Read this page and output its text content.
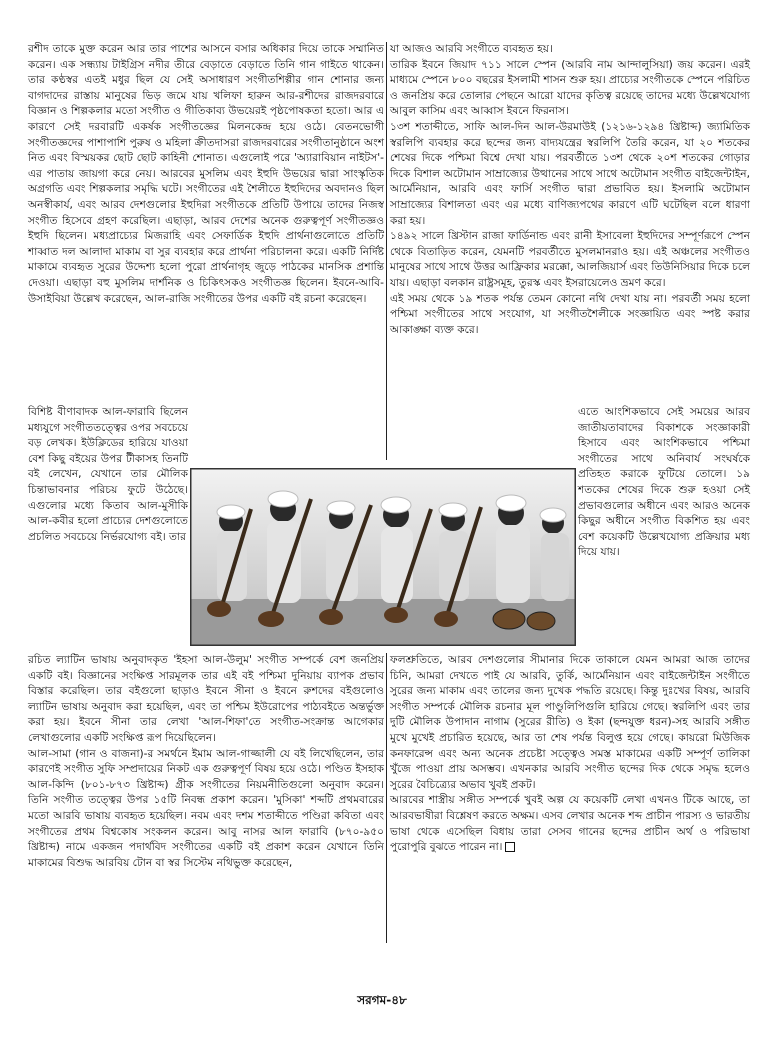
রশীদ তাকে মুক্ত করেন আর তার পাশের আসনে বসার অধিকার দিয়ে তাকে সম্মানিত করেন। এক সন্ধ্যায় টাইগ্রিস নদীর তীরে বেড়াতে বেড়াতে তিনি গান গাইতে থাকেন। তার কণ্ঠস্বর এতই মধুর ছিল যে সেই অসাধারণ সংগীতশিল্পীর গান শোনার জন্য বাগদাদের রাস্তায় মানুষের ভিড় জমে যায় খলিফা হারুন আর-রশীদের রাজদরবারে বিজ্ঞান ও শিল্পকলার মতো সংগীত ও গীতিকাব্য উভয়েরই পৃষ্ঠপোষকতা হতো। আর এ কারণে সেই দরবারটি একর্ষক সংগীতজ্ঞের মিলনকেন্দ্র হয়ে ওঠে। বেতনভোগী সংগীতজ্ঞদের পাশাপাশি পুরুষ ও মহিলা ক্রীতদাসরা রাজদরবারের সংগীতানুষ্ঠানে অংশ নিত এবং বিস্ময়কর ছোট ছোট কাহিনী শোনাত। এগুলোই পরে 'অ্যারাবিয়ান নাইটস'-এর পাতায় জায়গা করে নেয়। আরবের মুসলিম এবং ইহুদি উভয়ের দ্বারা সাংস্কৃতিক অগ্রগতি এবং শিল্পকলার সমৃদ্ধি ঘটে। সংগীতের এই শৈলীতে ইহুদিদের অবদানও ছিল অনস্বীকার্য, এবং আরব দেশগুলোর ইহুদিরা সংগীতকে প্রতিটি উপায়ে তাদের নিজস্ব সংগীত হিসেবে গ্রহণ করেছিল। এছাড়া, আরব দেশের অনেক গুরুত্বপূর্ণ সংগীতজ্ঞও ইহুদি ছিলেন। মধ্যপ্রাচ্যের মিজরাহি এবং সেফার্ডিক ইহুদি প্রার্থনাগুলোতে প্রতিটি শাব্বাত দল আলাদা মাকাম বা সুর ব্যবহার করে প্রার্থনা পরিচালনা করে। একটি নির্দিষ্ট মাকামে ব্যবহৃত সুরের উদ্দেশ্য হলো পুরো প্রার্থনাগৃহ জুড়ে পাঠকের মানসিক প্রশান্তি দেওয়া। এছাড়া বহু মুসলিম দার্শনিক ও চিকিৎসকও সংগীতজ্ঞ ছিলেন। ইবনে-আবি-উসাইবিয়া উল্লেখ করেছেন, আল-রাজি সংগীতের উপর একটি বই রচনা করেছেন।

যা আজও আরবি সংগীতে ব্যবহৃত হয়।

তারিক ইবনে জিয়াদ ৭১১ সালে স্পেন (আরবি নাম আন্দালুসিয়া) জয় করেন। এরই মাধ্যমে স্পেনে ৮০০ বছরের ইসলামী শাসন শুরু হয়। প্রাচ্যের সংগীতকে স্পেনে পরিচিত ও জনপ্রিয় করে তোলার পেছনে আরো যাদের কৃতিত্ব রয়েছে তাদের মধ্যে উল্লেখযোগ্য আবুল কাসিম এবং আব্বাস ইবনে ফিরনাস।

১৩শ শতাব্দীতে, সাফি আল-দিন আল-উরমাউই (১২১৬-১২৯৪ খ্রিষ্টাব্দ) জ্যামিতিক স্বরলিপি ব্যবহার করে ছন্দের জন্য বাদ্যযন্ত্রের স্বরলিপি তৈরি করেন, যা ২০ শতকের শেষের দিকে পশ্চিমা বিশ্বে দেখা যায়। পরবর্তীতে ১৩শ থেকে ২০শ শতকের গোড়ার দিকে বিশাল অটোমান সাম্রাজ্যের উত্থানের সাথে সাথে অটোমান সংগীত বাইজেন্টাইন, আর্মেনিয়ান, আরবি এবং ফার্সি সংগীত দ্বারা প্রভাবিত হয়। ইসলামি অটোমান সাম্রাজ্যের বিশালতা এবং এর মধ্যে বাণিজ্যপথের কারণে এটি ঘটেছিল বলে ধারণা করা হয়।

১৪৯২ সালে খ্রিস্টান রাজা ফার্ডিনান্ড এবং রানী ইসাবেলা ইহুদিদের সম্পূর্ণরূপে স্পেন থেকে বিতাড়িত করেন, যেমনটি পরবর্তীতে মুসলমানরাও হয়। এই অঞ্চলের সংগীতও মানুষের সাথে সাথে উত্তর আফ্রিকার মরক্কো, আলজিয়ার্স এবং তিউনিসিয়ার দিকে চলে যায়। এছাড়া বলকান রাষ্ট্রসমূহ, তুরস্ক এবং ইসরায়েলেও ভ্রমণ করে।

এই সময় থেকে ১৯ শতক পর্যন্ত তেমন কোনো নথি দেখা যায় না। পরবর্তী সময় হলো পশ্চিমা সংগীতের সাথে সংযোগ, যা সংগীতশৈলীকে সংজ্ঞায়িত এবং স্পষ্ট করার আকাঙ্ক্ষা ব্যক্ত করে।

বিশিষ্ট বীণাবাদক আল-ফারাবি ছিলেন মধ্যযুগে সংগীততত্ত্বের ওপর সবচেয়ে বড় লেখক। ইউক্লিডের হারিয়ে যাওয়া বেশ কিছু বইয়ের উপর টীকাসহ তিনটি বই লেখেন, যেখানে তার মৌলিক চিন্তাভাবনার পরিচয় ফুটে উঠেছে। এগুলোর মধ্যে কিতাব আল-মুসীকি আল-কবীর হলো প্রাচ্যের দেশগুলোতে প্রচলিত সবচেয়ে নির্ভরযোগ্য বই। তার

এতে আংশিকভাবে সেই সময়ের আরব জাতীয়তাবাদের বিকাশকে সংজ্ঞাকারী হিসাবে এবং আংশিকভাবে পশ্চিমা সংগীতের সাথে অনিবার্য সংঘর্ষকে প্রতিহত করাকে ফুটিয়ে তোলে। ১৯ শতকের শেষের দিকে শুরু হওয়া সেই প্রভাবগুলোর অধীনে এবং আরও অনেক কিছুর অধীনে সংগীত বিকশিত হয় এবং বেশ কয়েকটি উল্লেখযোগ্য প্রক্রিয়ার মধ্য দিয়ে যায়।

রচিত ল্যাটিন ভাষায় অনুবাদকৃত 'ইহসা আল-উলুম' সংগীত সম্পর্কে বেশ জনপ্রিয় একটি বই। বিজ্ঞানের সংক্ষিপ্ত সারমূলক তার এই বই পশ্চিমা দুনিয়ায় ব্যাপক প্রভাব বিস্তার করেছিল। তার বইগুলো ছাড়াও ইবনে সীনা ও ইবনে রুশদের বইগুলোও ল্যাটিন ভাষায় অনুবাদ করা হয়েছিল, এবং তা পশ্চিম ইউরোপের পাঠ্যবইতে অন্তর্ভুক্ত করা হয়। ইবনে সীনা তার লেখা 'আল-শিফা'তে সংগীত-সংক্রান্ত আগেকার লেখাগুলোর একটি সংক্ষিপ্ত রূপ দিয়েছিলেন।

আল-সামা (গান ও বাজনা)-র সমর্থনে ইমাম আল-গাজ্জালী যে বই লিখেছিলেন, তার কারণেই সংগীত সুফি সম্প্রদায়ের নিকট এক গুরুত্বপূর্ণ বিষয় হয়ে ওঠে। পণ্ডিত ইসহাক আল-কিন্দি (৮০১-৮৭৩ খ্রিষ্টাব্দ) গ্রীক সংগীতের নিয়মনীতিগুলো অনুবাদ করেন। তিনি সংগীত তত্ত্বের উপর ১৫টি নিবন্ধ প্রকাশ করেন। 'মুসিকা' শব্দটি প্রথমবারের মতো আরবি ভাষায় ব্যবহৃত হয়েছিল। নবম এবং দশম শতাব্দীতে পণ্ডিরা কবিতা এবং সংগীতের প্রথম বিশ্বকোষ সংকলন করেন। আবু নাসর আল ফারাবি (৮৭০-৯৫০ খ্রিষ্টাব্দ) নামে একজন পদার্থবিদ সংগীতের একটি বই প্রকাশ করেন যেখানে তিনি মাকামের বিশুদ্ধ আরবিয় টোন বা স্বর সিস্টেম নথিভুক্ত করেছেন,

ফলশ্রুতিতে, আরব দেশগুলোর সীমানার দিকে তাকালে যেমন আমরা আজ তাদের চিনি, আমরা দেখতে পাই যে আরবি, তুর্কি, আর্মেনিয়ান এবং বাইজেন্টাইন সংগীতে সুরের জন্য মাকাম এবং তালের জন্য দুখেক পদ্ধতি রয়েছে। কিন্তু দুঃখের বিষয়, আরবি সংগীত সম্পর্কে মৌলিক রচনার মূল পাণ্ডুলিপিগুলি হারিয়ে গেছে। স্বরলিপি এবং তার দুটি মৌলিক উপাদান নাগাম (সুরের রীতি) ও ইকা (ছন্দযুক্ত ধরন)-সহ আরবি সঙ্গীত মুখে মুখেই প্রচারিত হয়েছে, আর তা শেষ পর্যন্ত বিলুপ্ত হয়ে গেছে। কায়রো মিউজিক কনফারেন্স এবং অন্য অনেক প্রচেষ্টা সত্ত্বেও সমস্ত মাকামের একটি সম্পূর্ণ তালিকা খুঁজে পাওয়া প্রায় অসম্ভব। এখনকার আরবি সংগীত ছন্দের দিক থেকে সমৃদ্ধ হলেও সুরের বৈচিত্র্যের অভাব খুবই প্রকট।

আরবের শাস্ত্রীয় সঙ্গীত সম্পর্কে খুবই অল্প যে কয়েকটি লেখা এখনও টিকে আছে, তা আরবভাষীরা বিশ্লেষণ করতে অক্ষম। এসব লেখার অনেক শব্দ প্রাচীন পারস্য ও ভারতীয় ভাষা থেকে এসেছিল বিধায় তারা সেসব গানের ছন্দের প্রাচীন অর্থ ও পরিভাষা পুরোপুরি বুঝতে পারেন না।

সরগম-৪৮
